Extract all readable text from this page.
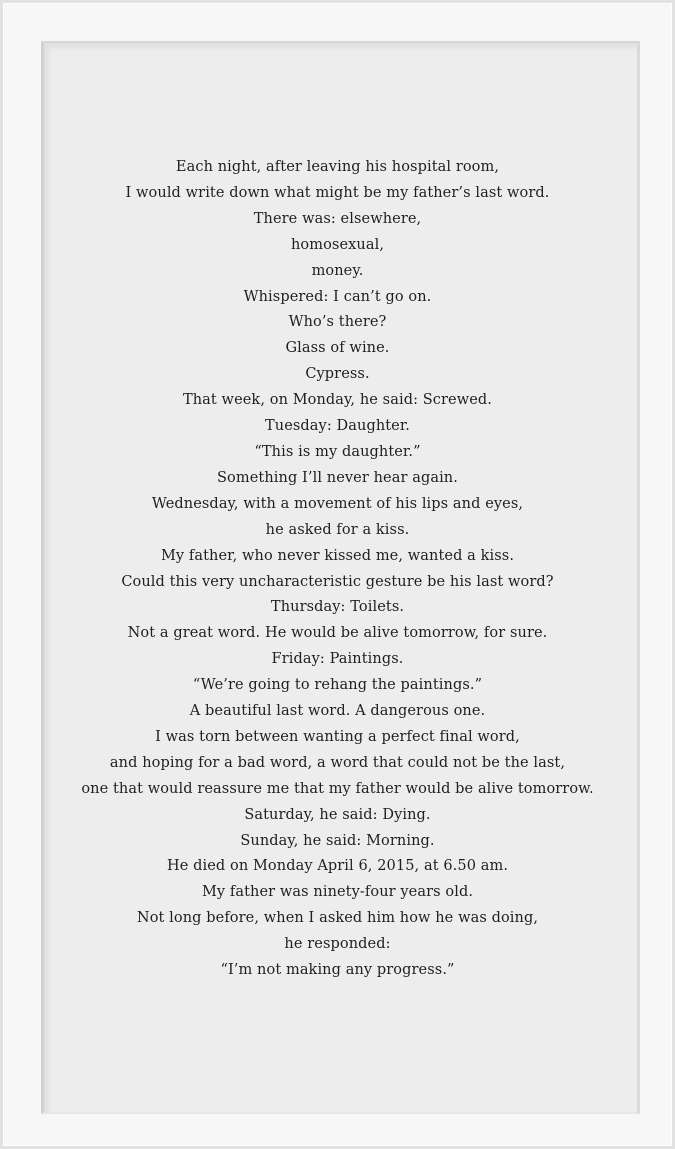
Each night, after leaving his hospital room,
I would write down what might be my father’s last word.
There was: elsewhere,
homosexual,
money.
Whispered: I can’t go on.
Who’s there?
Glass of wine.
Cypress.
That week, on Monday, he said: Screwed.
Tuesday: Daughter.
“This is my daughter.”
Something I’ll never hear again.
Wednesday, with a movement of his lips and eyes,
he asked for a kiss.
My father, who never kissed me, wanted a kiss.
Could this very uncharacteristic gesture be his last word?
Thursday: Toilets.
Not a great word. He would be alive tomorrow, for sure.
Friday: Paintings.
“We’re going to rehang the paintings.”
A beautiful last word. A dangerous one.
I was torn between wanting a perfect final word,
and hoping for a bad word, a word that could not be the last,
one that would reassure me that my father would be alive tomorrow.
Saturday, he said: Dying.
Sunday, he said: Morning.
He died on Monday April 6, 2015, at 6.50 am.
My father was ninety-four years old.
Not long before, when I asked him how he was doing,
he responded:
“I’m not making any progress.”
